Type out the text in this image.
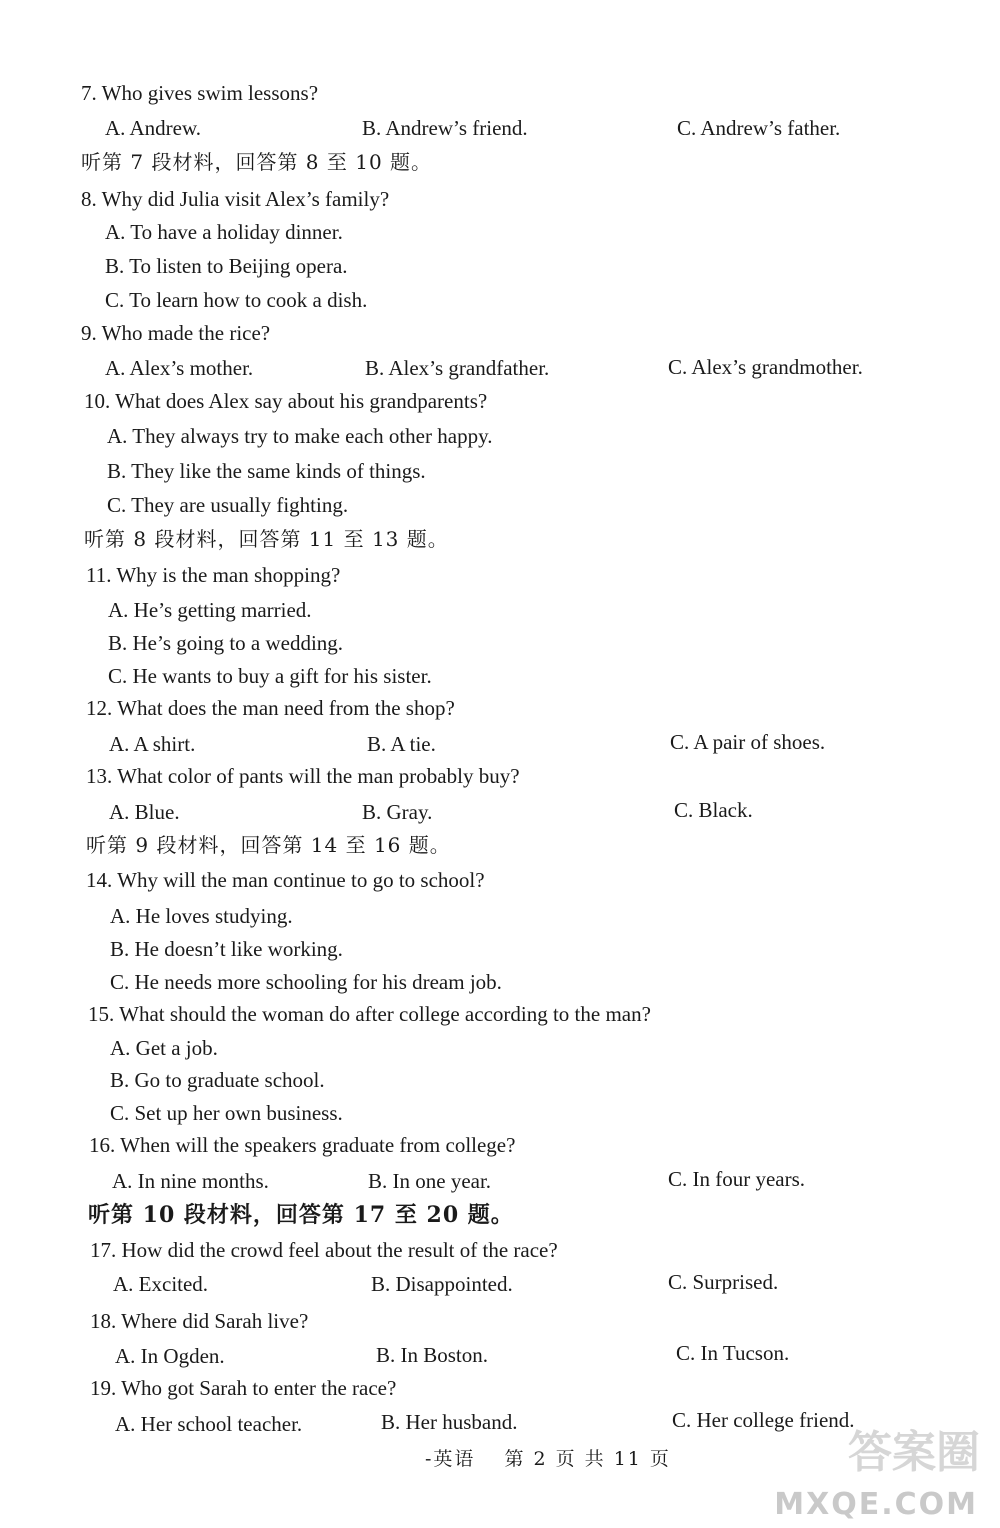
7. Who gives swim lessons?
A. Andrew.	B. Andrew’s friend.	C. Andrew’s father.
听第 7 段材料，回答第 8 至 10 题。
8. Why did Julia visit Alex’s family?
A. To have a holiday dinner.
B. To listen to Beijing opera.
C. To learn how to cook a dish.
9. Who made the rice?
A. Alex’s mother.	B. Alex’s grandfather.	C. Alex’s grandmother.
10. What does Alex say about his grandparents?
A. They always try to make each other happy.
B. They like the same kinds of things.
C. They are usually fighting.
听第 8 段材料，回答第 11 至 13 题。
11. Why is the man shopping?
A. He’s getting married.
B. He’s going to a wedding.
C. He wants to buy a gift for his sister.
12. What does the man need from the shop?
A. A shirt.	B. A tie.	C. A pair of shoes.
13. What color of pants will the man probably buy?
A. Blue.	B. Gray.	C. Black.
听第 9 段材料，回答第 14 至 16 题。
14. Why will the man continue to go to school?
A. He loves studying.
B. He doesn’t like working.
C. He needs more schooling for his dream job.
15. What should the woman do after college according to the man?
A. Get a job.
B. Go to graduate school.
C. Set up her own business.
16. When will the speakers graduate from college?
A. In nine months.	B. In one year.	C. In four years.
听第 10 段材料，回答第 17 至 20 题。
17. How did the crowd feel about the result of the race?
A. Excited.	B. Disappointed.	C. Surprised.
18. Where did Sarah live?
A. In Ogden.	B. In Boston.	C. In Tucson.
19. Who got Sarah to enter the race?
A. Her school teacher.	B. Her husband.	C. Her college friend.
-英语　 第 2 页 共 11 页	答案圈
MXQE.COM
